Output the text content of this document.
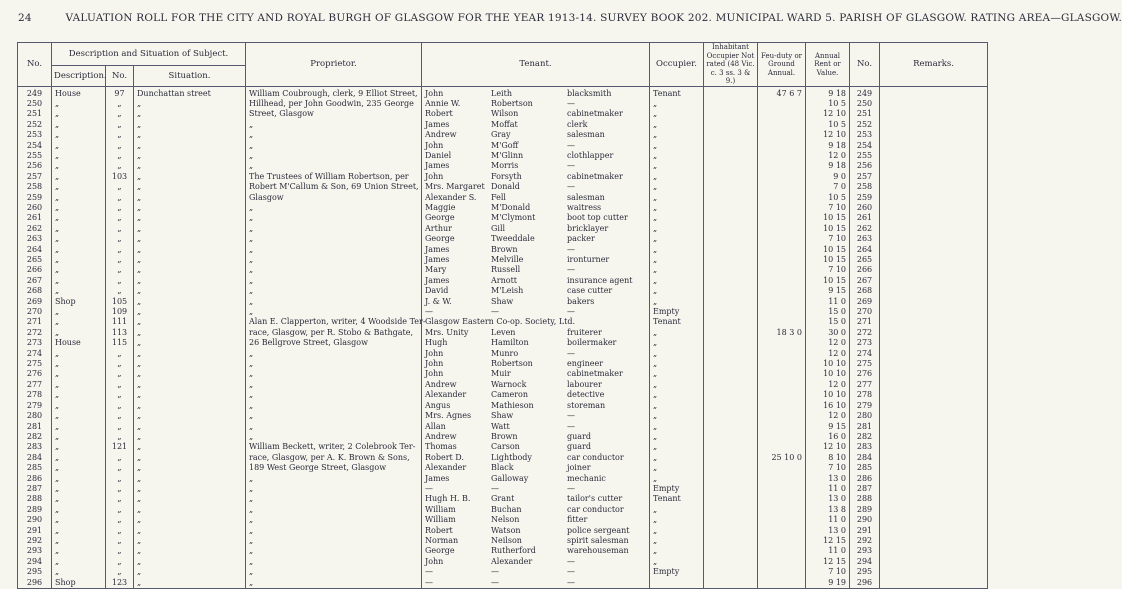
24	VALUATION ROLL FOR THE CITY AND ROYAL BURGH OF GLASGOW FOR THE YEAR 1913-14. SURVEY BOOK 202. MUNICIPAL WARD 5. PARISH OF GLASGOW. RATING AREA—GLASGOW.
No.	Description and Situation of Subject.			Proprietor.	Tenant.	Occupier.	Inhabitant Occupier Not rated (48 Vic. c. 3 ss. 3 & 9.)	Feu-duty or Ground Annual.	Annual Rent or Value.	No.	Remarks.
	Description.	No.	Situation.								
249	House	97	Dunchattan street	William Coubrough, clerk, 9 Elliot Street,	John Leith blacksmith	Tenant		47 6 7	9 18	249	
250	„	„	„	Hillhead, per John Goodwin, 235 George	Annie W. Robertson —	„			10 5	250	
251	„	„	„	Street, Glasgow	Robert Wilson cabinetmaker	„			12 10	251	
252	„	„	„	„	James Moffat clerk	„			10 5	252	
253	„	„	„	„	Andrew Gray salesman	„			12 10	253	
254	„	„	„	„	John M'Goff —	„			9 18	254	
255	„	„	„	„	Daniel M'Glinn clothlapper	„			12 0	255	
256	„	„	„	„	James Morris —	„			9 18	256	
257	„	103	„	The Trustees of William Robertson, per	John Forsyth cabinetmaker	„			9 0	257	
258	„	„	„	Robert M'Callum & Son, 69 Union Street,	Mrs. Margaret Donald —	„			7 0	258	
259	„	„	„	Glasgow	Alexander S. Fell salesman	„			10 5	259	
260	„	„	„	„	Maggie M'Donald waitress	„			7 10	260	
261	„	„	„	„	George M'Clymont boot top cutter	„			10 15	261	
262	„	„	„	„	Arthur Gill bricklayer	„			10 15	262	
263	„	„	„	„	George Tweeddale packer	„			7 10	263	
264	„	„	„	„	James Brown —	„			10 15	264	
265	„	„	„	„	James Melville ironturner	„			10 15	265	
266	„	„	„	„	Mary Russell —	„			7 10	266	
267	„	„	„	„	James Arnott insurance agent	„			10 15	267	
268	„	„	„	„	David M'Leish case cutter	„			9 15	268	
269	Shop	105	„	„	J. & W. Shaw bakers	„			11 0	269	
270	„	109	„	„	— — —	Empty			15 0	270	
271	„	111	„	Alan E. Clapperton, writer, 4 Woodside Ter-	Glasgow Eastern Co-op. Society, Ltd.	Tenant			15 0	271	
272	„	113	„	race, Glasgow, per R. Stobo & Bathgate,	Mrs. Unity Leven fruiterer	„		18 3 0	30 0	272	
273	House	115	„	26 Bellgrove Street, Glasgow	Hugh Hamilton boilermaker	„			12 0	273	
274	„	„	„	„	John Munro —	„			12 0	274	
275	„	„	„	„	John Robertson engineer	„			10 10	275	
276	„	„	„	„	John Muir cabinetmaker	„			10 10	276	
277	„	„	„	„	Andrew Warnock labourer	„			12 0	277	
278	„	„	„	„	Alexander Cameron detective	„			10 10	278	
279	„	„	„	„	Angus Mathieson storeman	„			16 10	279	
280	„	„	„	„	Mrs. Agnes Shaw —	„			12 0	280	
281	„	„	„	„	Allan Watt —	„			9 15	281	
282	„	„	„	„	Andrew Brown guard	„			16 0	282	
283	„	121	„	William Beckett, writer, 2 Colebrook Ter-	Thomas Carson guard	„			12 10	283	
284	„	„	„	race, Glasgow, per A. K. Brown & Sons,	Robert D. Lightbody car conductor	„		25 10 0	8 10	284	
285	„	„	„	189 West George Street, Glasgow	Alexander Black joiner	„			7 10	285	
286	„	„	„	„	James Galloway mechanic	„			13 0	286	
287	„	„	„	„	— — —	Empty			11 0	287	
288	„	„	„	„	Hugh H. B. Grant tailor's cutter	Tenant			13 0	288	
289	„	„	„	„	William Buchan car conductor	„			13 8	289	
290	„	„	„	„	William Nelson fitter	„			11 0	290	
291	„	„	„	„	Robert Watson police sergeant	„			13 0	291	
292	„	„	„	„	Norman Neilson spirit salesman	„			12 15	292	
293	„	„	„	„	George Rutherford warehouseman	„			11 0	293	
294	„	„	„	„	John Alexander —	„			12 15	294	
295	„	„	„	„	— — —	Empty			7 10	295	
296	Shop	123	„	„	— — —				9 19	296	
